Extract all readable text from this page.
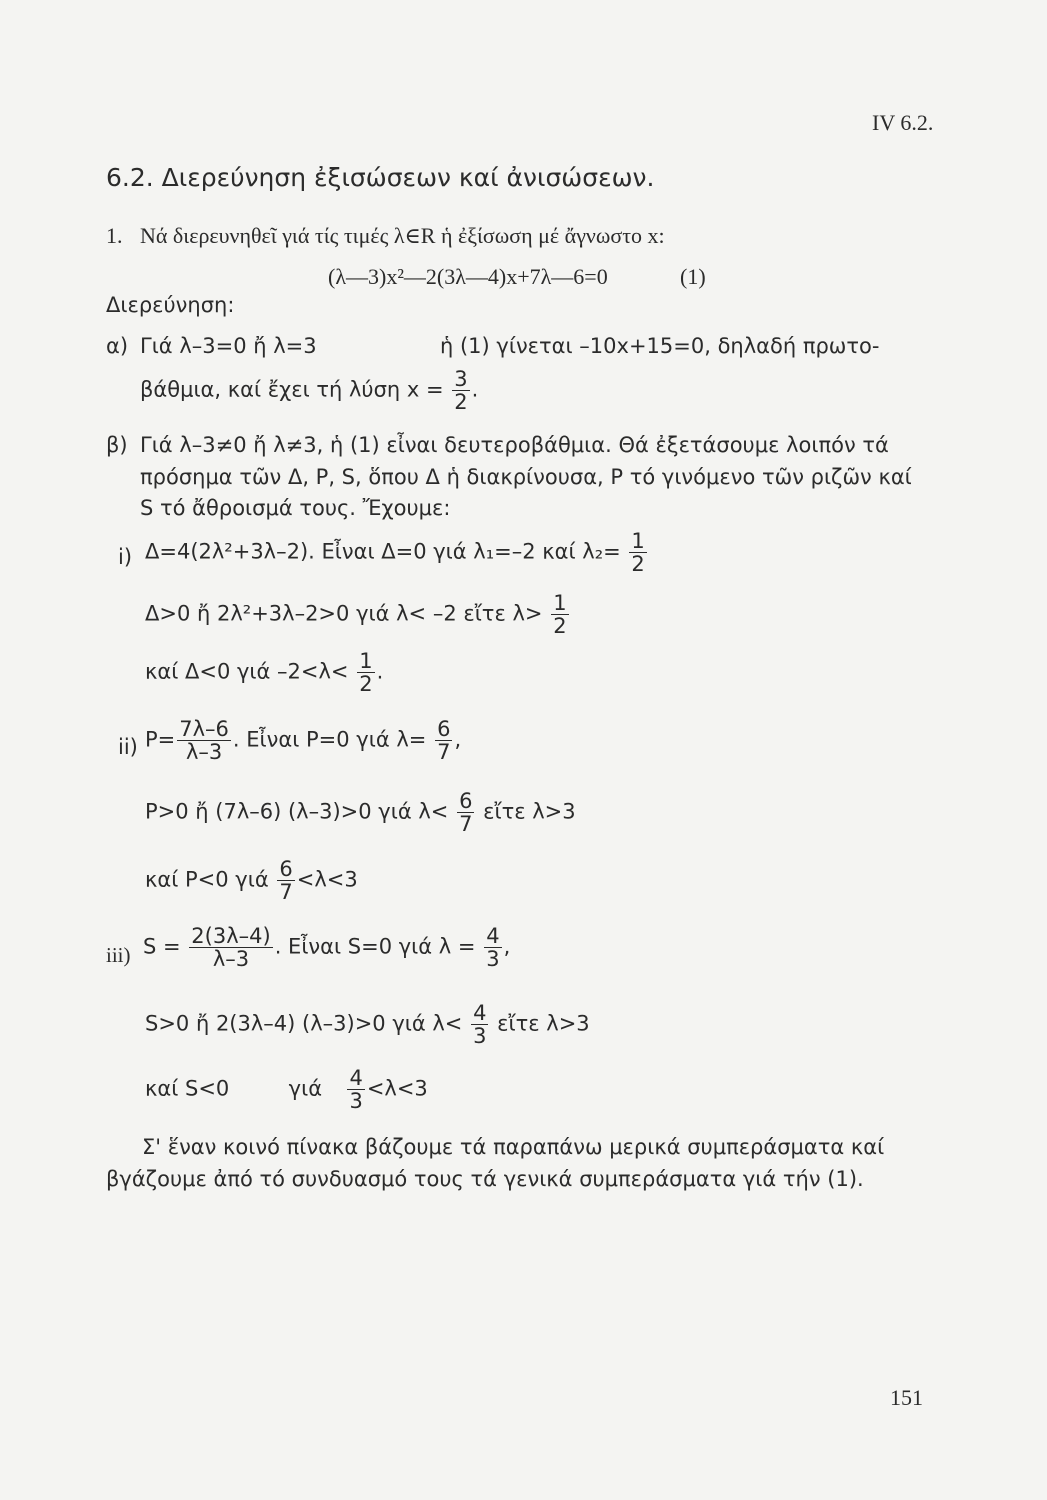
IV 6.2.
6.2. Διερεύνηση ἐξισώσεων καί ἀνισώσεων.
1. Νά διερευνηθεῖ γιά τίς τιμές λ∈R ἡ ἐξίσωση μέ ἄγνωστο x:
(λ—3)x²—2(3λ—4)x+7λ—6=0	(1)
Διερεύνηση:
α) Γιά λ–3=0 ἤ λ=3	ἡ (1) γίνεται –10x+15=0, δηλαδή πρωτο-
βάθμια, καί ἔχει τή λύση $x = \frac{3}{2}$ .
β) Γιά λ–3≠0 ἤ λ≠3, ἡ (1) εἶναι δευτεροβάθμια. Θά ἐξετάσουμε λοιπόν τά
πρόσημα τῶν Δ, P, S, ὅπου Δ ἡ διακρίνουσα, P τό γινόμενο τῶν ριζῶν καί
S τό ἄθροισμά τους. Ἔχουμε:
i) Δ=4(2λ²+3λ–2). Εἶναι Δ=0 γιά λ₁=–2 καί $\lambda_2= \frac{1}{2}$
Δ>0 ἤ 2λ²+3λ–2>0 γιά λ< –2 εἴτε $\lambda> \frac{1}{2}$
καί Δ<0 γιά $-2<\lambda< \frac{1}{2}$ .
ii) $P= \frac{7\lambda-6}{\lambda-3}$ . Εἶναι P=0 γιά $\lambda= \frac{6}{7}$ ,
P>0 ἤ (7λ–6) (λ–3)>0 γιά $\lambda< \frac{6}{7}$ εἴτε λ>3
καί P<0 γιά $\frac{6}{7} <\lambda<3$
iii) $S = \frac{2(3\lambda-4)}{\lambda-3}$ . Εἶναι S=0 γιά $\lambda = \frac{4}{3}$ ,
S>0 ἤ 2(3λ–4) (λ–3)>0 γιά $\lambda< \frac{4}{3}$ εἴτε λ>3
καί S<0	γιά $\frac{4}{3} <\lambda<3$
Σ' ἕναν κοινό πίνακα βάζουμε τά παραπάνω μερικά συμπεράσματα καί
βγάζουμε ἀπό τό συνδυασμό τους τά γενικά συμπεράσματα γιά τήν (1).
151
